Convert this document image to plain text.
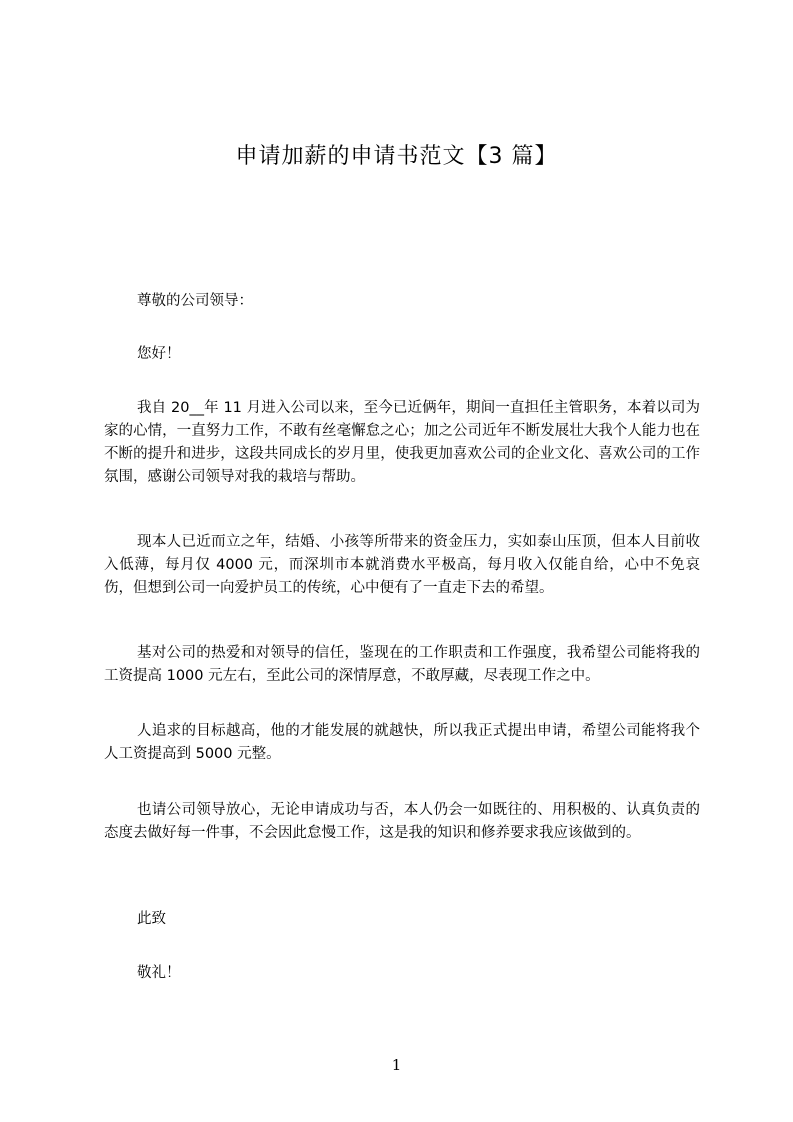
申请加薪的申请书范文【3 篇】

尊敬的公司领导：

您好！

我自 20__年 11 月进入公司以来，至今已近俩年，期间一直担任主管职务，本着以司为家的心情，一直努力工作，不敢有丝毫懈怠之心；加之公司近年不断发展壮大我个人能力也在不断的提升和进步，这段共同成长的岁月里，使我更加喜欢公司的企业文化、喜欢公司的工作氛围，感谢公司领导对我的栽培与帮助。

现本人已近而立之年，结婚、小孩等所带来的资金压力，实如泰山压顶，但本人目前收入低薄，每月仅 4000 元，而深圳市本就消费水平极高，每月收入仅能自给，心中不免哀伤，但想到公司一向爱护员工的传统，心中便有了一直走下去的希望。

基对公司的热爱和对领导的信任，鉴现在的工作职责和工作强度，我希望公司能将我的工资提高 1000 元左右，至此公司的深情厚意，不敢厚藏，尽表现工作之中。

人追求的目标越高，他的才能发展的就越快，所以我正式提出申请，希望公司能将我个人工资提高到 5000 元整。

也请公司领导放心，无论申请成功与否，本人仍会一如既往的、用积极的、认真负责的态度去做好每一件事，不会因此怠慢工作，这是我的知识和修养要求我应该做到的。

此致

敬礼！

1
